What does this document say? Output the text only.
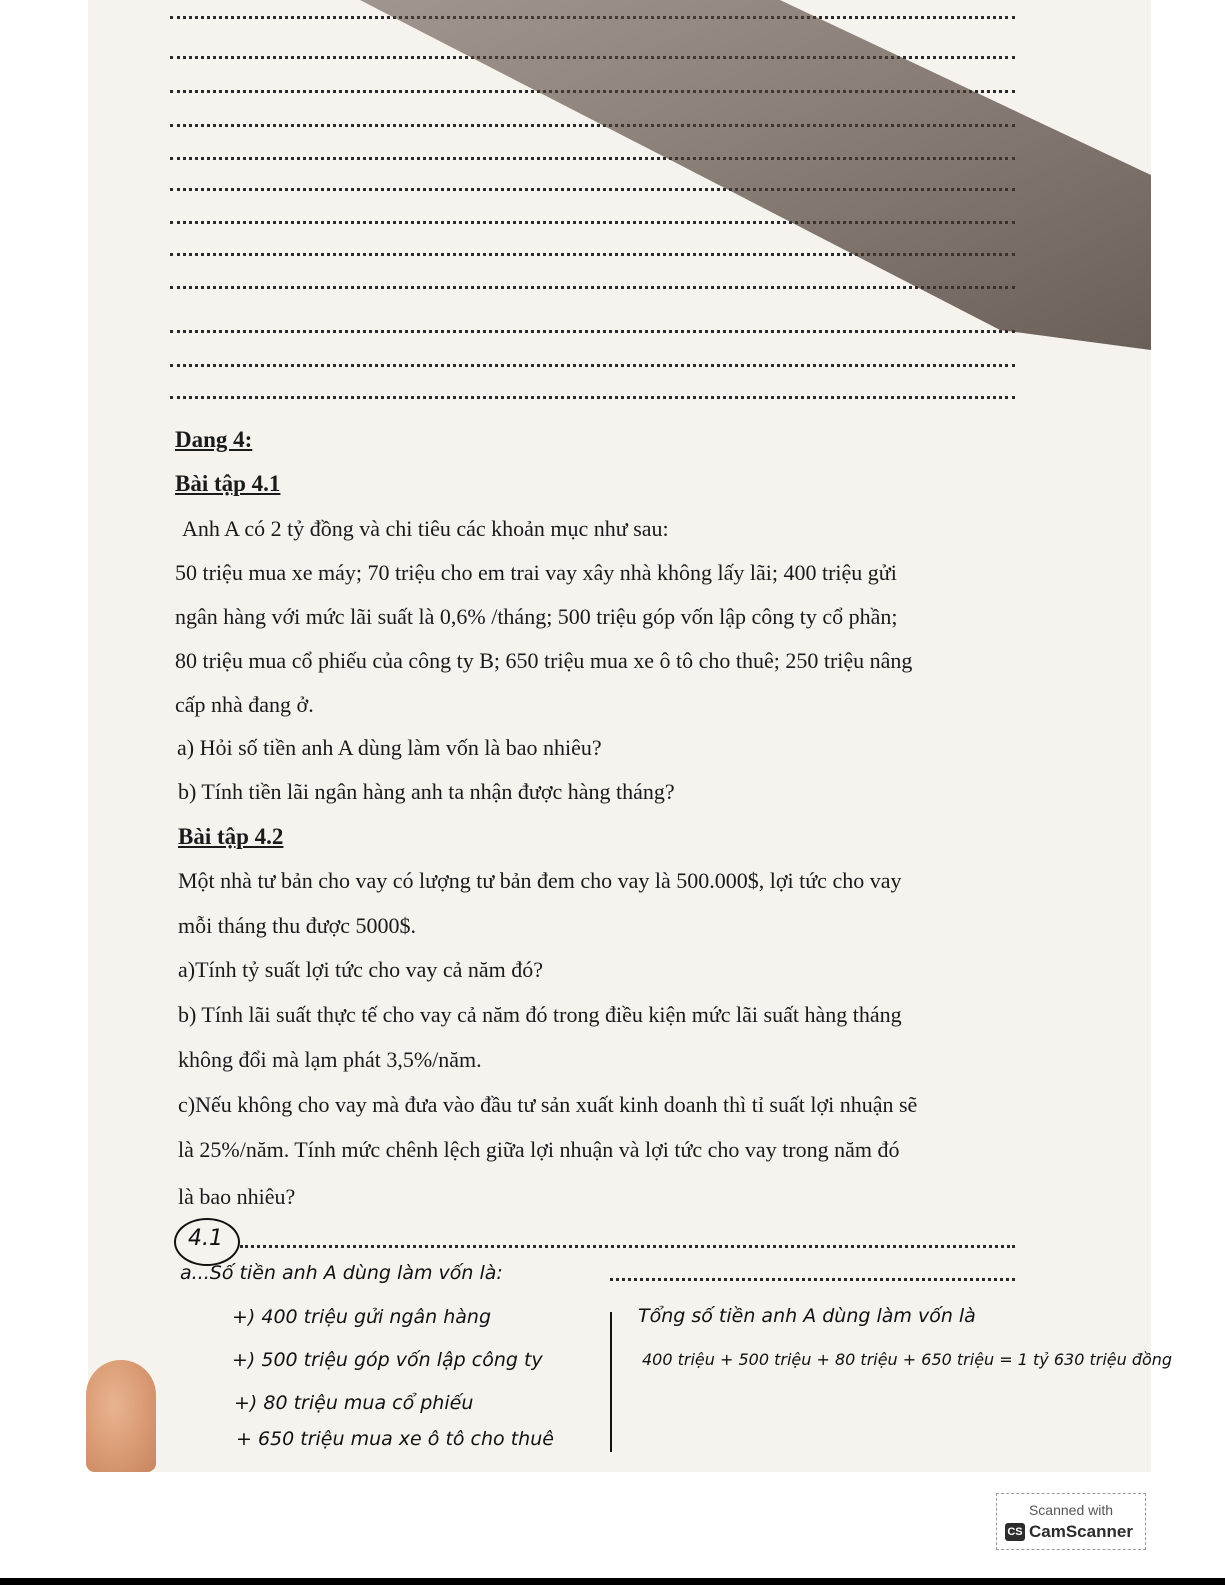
Dang 4:
Bài tập 4.1
Anh A có 2 tỷ đồng và chi tiêu các khoản mục như sau:
50 triệu mua xe máy; 70 triệu cho em trai vay xây nhà không lấy lãi; 400 triệu gửi
ngân hàng với mức lãi suất là 0,6% /tháng; 500 triệu góp vốn lập công ty cổ phần;
80 triệu mua cổ phiếu của công ty B; 650 triệu mua xe ô tô cho thuê; 250 triệu nâng
cấp nhà đang ở.
a) Hỏi số tiền anh A dùng làm vốn là bao nhiêu?
b) Tính tiền lãi ngân hàng anh ta nhận được hàng tháng?
Bài tập 4.2
Một nhà tư bản cho vay có lượng tư bản đem cho vay là 500.000$, lợi tức cho vay
mỗi tháng thu được 5000$.
a)Tính tỷ suất lợi tức cho vay cả năm đó?
b) Tính lãi suất thực tế cho vay cả năm đó trong điều kiện mức lãi suất hàng tháng
không đổi mà lạm phát 3,5%/năm.
c)Nếu không cho vay mà đưa vào đầu tư sản xuất kinh doanh thì tỉ suất lợi nhuận sẽ
là 25%/năm. Tính mức chênh lệch giữa lợi nhuận và lợi tức cho vay trong năm đó
là bao nhiêu?
4.1
a...Số tiền anh A dùng làm vốn là:
+) 400 triệu gửi ngân hàng
+) 500 triệu góp vốn lập công ty
+) 80 triệu mua cổ phiếu
+ 650 triệu mua xe ô tô cho thuê
Tổng số tiền anh A dùng làm vốn là
400 triệu + 500 triệu + 80 triệu + 650 triệu = 1 tỷ 630 triệu đồng
Scanned with
CS CamScanner
